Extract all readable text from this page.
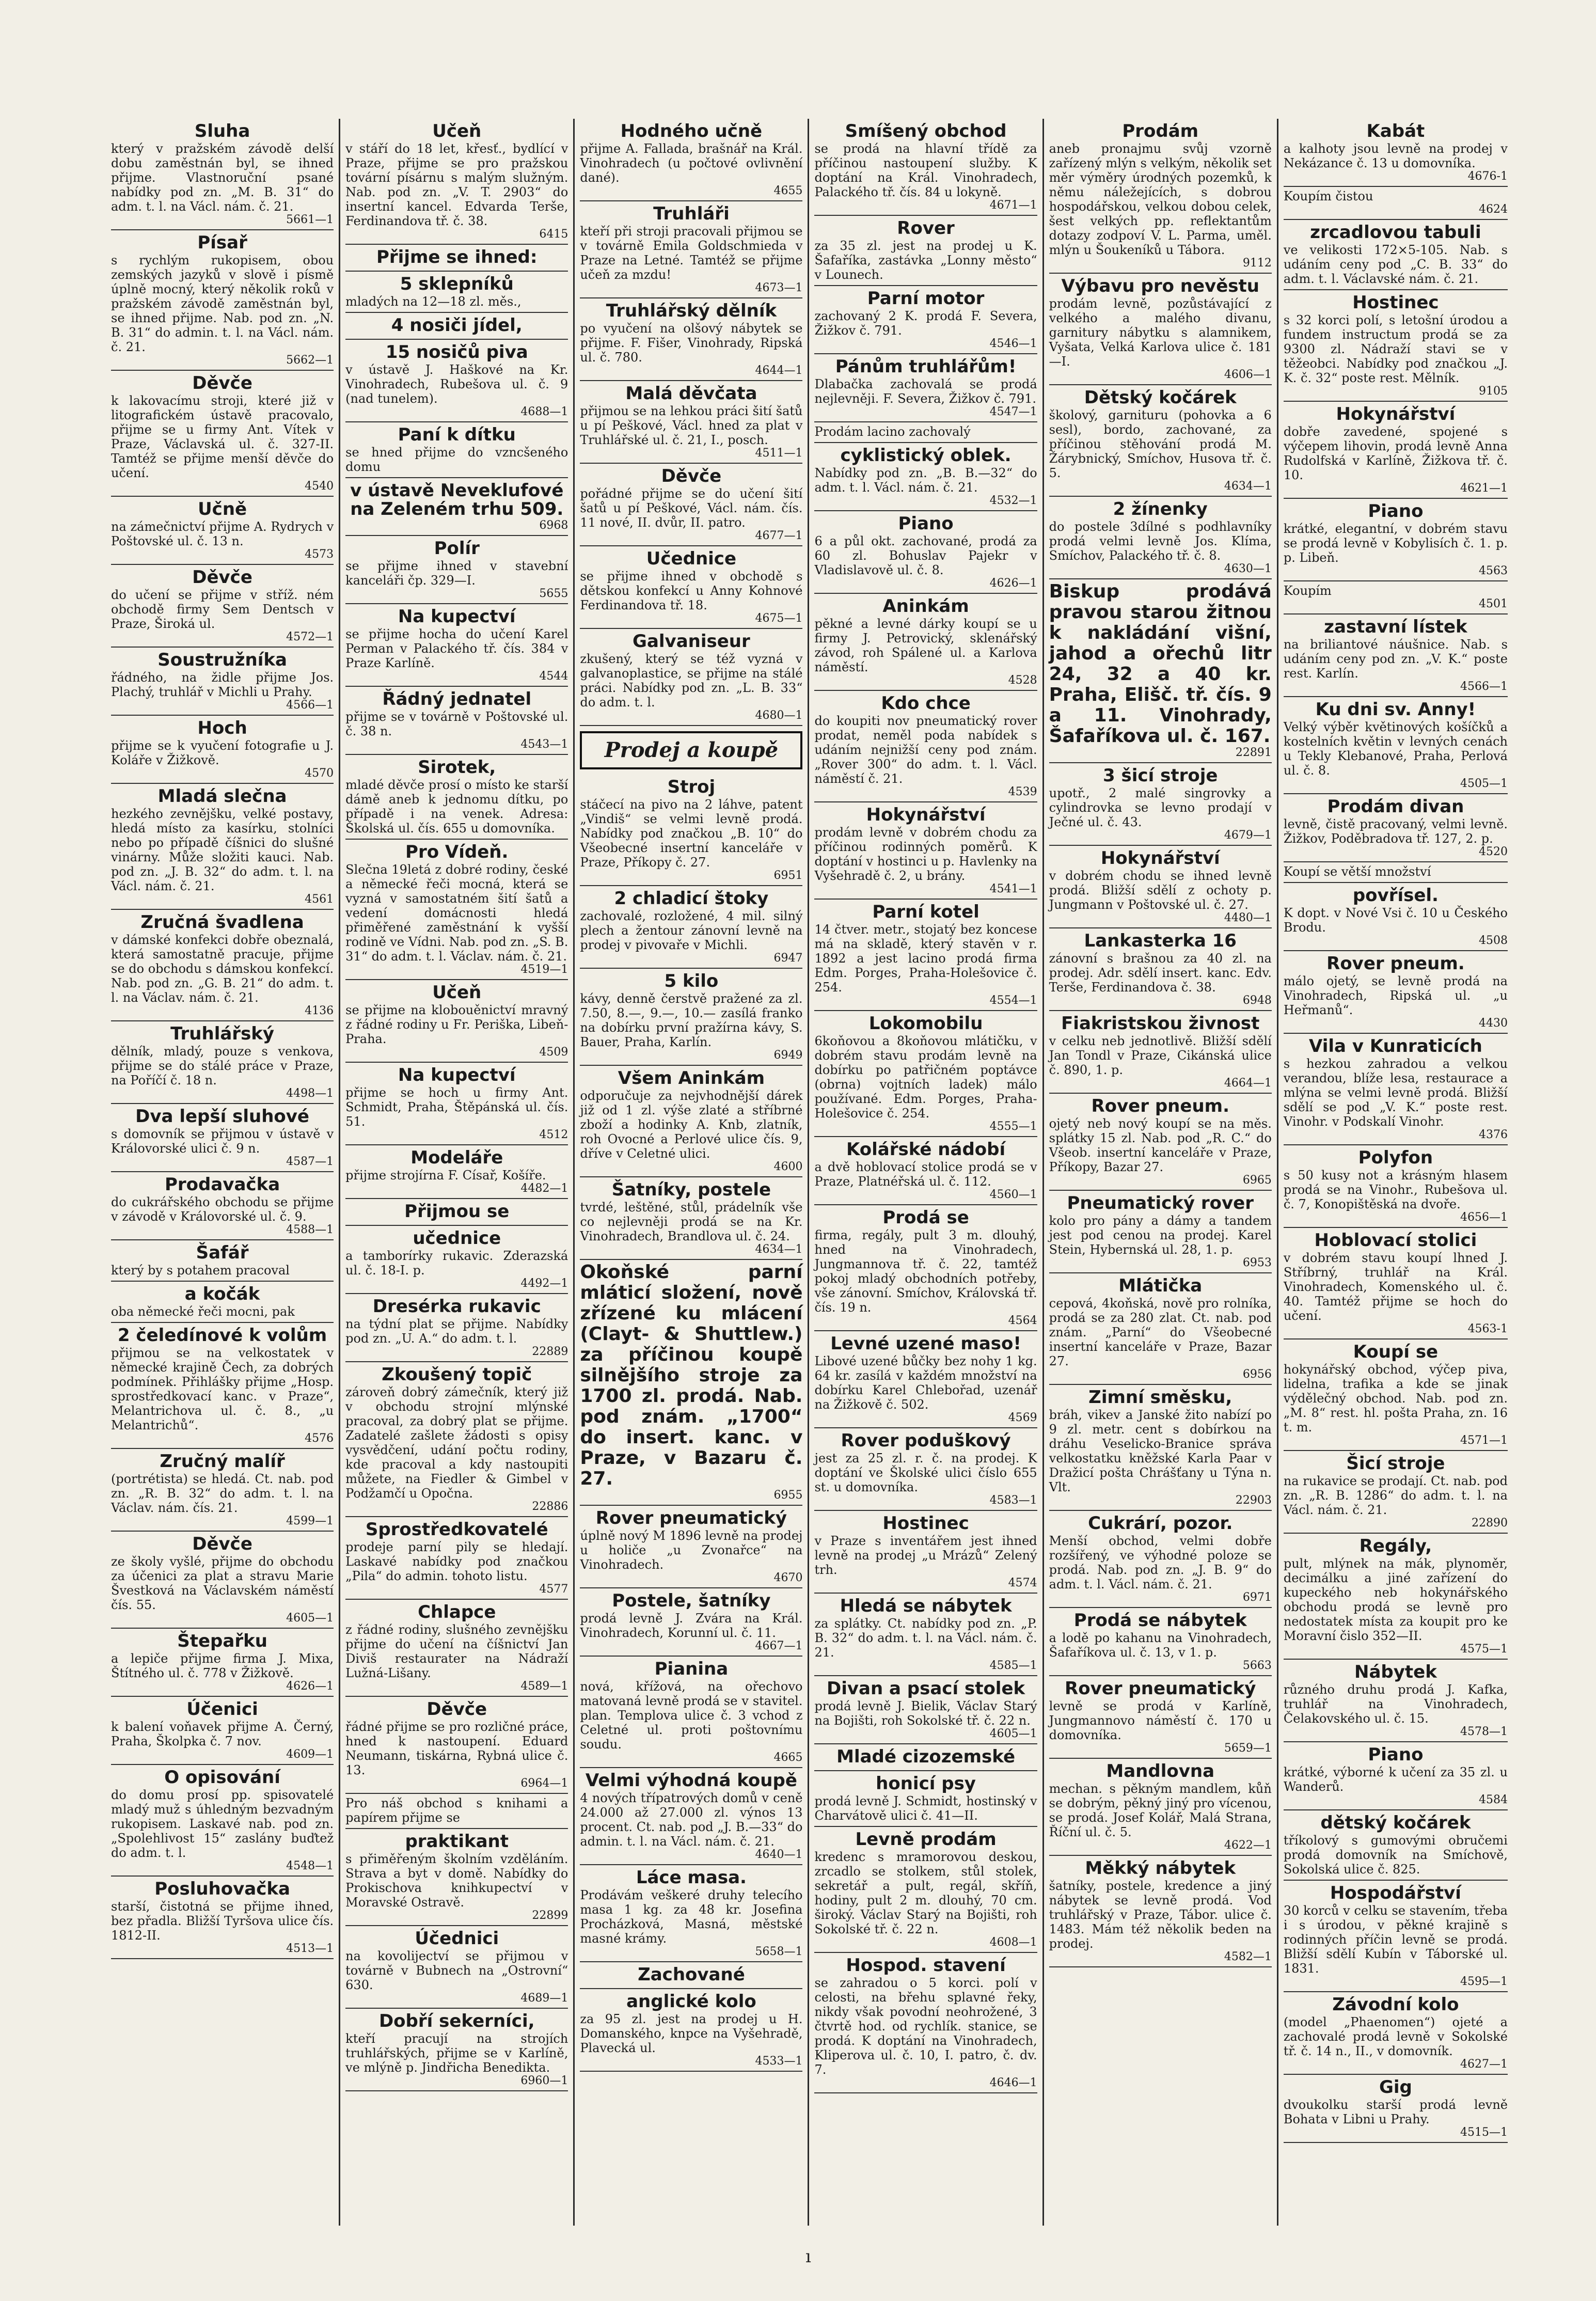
Sluha
který v pražském závodě delší dobu zaměstnán byl, se ihned přijme. Vlastnoruční psané nabídky pod zn. „M. B. 31“ do adm. t. l. na Václ. nám. č. 21.
5661—1
Písař
s rychlým rukopisem, obou zemských jazyků v slově i písmě úplně mocný, který několik roků v pražském závodě zaměstnán byl, se ihned přijme. Nab. pod zn. „N. B. 31“ do admin. t. l. na Václ. nám. č. 21.
5662—1
Děvče
k lakovacímu stroji, které již v litografickém ústavě pracovalo, přijme se u firmy Ant. Vítek v Praze, Václavská ul. č. 327-II. Tamtéž se přijme menší děvče do učení.
4540
Učně
na zámečnictví přijme A. Rydrych v Poštovské ul. č. 13 n.
4573
Děvče
do učení se přijme v stříž. ném obchodě firmy Sem Dentsch v Praze, Široká ul.
4572—1
Soustružníka
řádného, na židle přijme Jos. Plachý, truhlář v Michli u Prahy.
4566—1
Hoch
přijme se k vyučení fotografie u J. Koláře v Žižkově.
4570
Mladá slečna
hezkého zevnějšku, velké postavy, hledá místo za kasírku, stolníci nebo po případě číšnici do slušné vinárny. Může složiti kauci. Nab. pod zn. „J. B. 32“ do adm. t. l. na Václ. nám. č. 21.
4561
Zručná švadlena
v dámské konfekci dobře obeznalá, která samostatně pracuje, přijme se do obchodu s dámskou konfekcí. Nab. pod zn. „G. B. 21“ do adm. t. l. na Václav. nám. č. 21.
4136
Truhlářský
dělník, mladý, pouze s venkova, přijme se do stálé práce v Praze, na Poříčí č. 18 n.
4498—1
Dva lepší sluhové
s domovník se přijmou v ústavě v Královorské ulici č. 9 n.
4587—1
Prodavačka
do cukrářského obchodu se přijme v závodě v Královorské ul. č. 9.
4588—1
Šafář
který by s potahem pracoval
a kočák
oba německé řeči mocni, pak
2 čeledínové k volům
přijmou se na velkostatek v německé krajině Čech, za dobrých podmínek. Přihlášky přijme „Hosp. sprostředkovací kanc. v Praze“, Melantrichova ul. č. 8., „u Melantrichů“.
4576
Zručný malíř
(portrétista) se hledá. Ct. nab. pod zn. „R. B. 32“ do adm. t. l. na Václav. nám. čís. 21.
4599—1
Děvče
ze školy vyšlé, přijme do obchodu za účenici za plat a stravu Marie Švestková na Václavském náměstí čís. 55.
4605—1
Štepařku
a lepiče přijme firma J. Mixa, Štítného ul. č. 778 v Žižkově.
4626—1
Účenici
k balení voňavek přijme A. Černý, Praha, Školpka č. 7 nov.
4609—1
O opisování
do domu prosí pp. spisovatelé mladý muž s úhledným bezvadným rukopisem. Laskavé nab. pod zn. „Spolehlivost 15“ zaslány buďtež do adm. t. l.
4548—1
Posluhovačka
starší, čistotná se přijme ihned, bez přadla. Bližší Tyršova ulice čís. 1812-II.
4513—1
Učeň
v stáří do 18 let, křesť., bydlící v Praze, přijme se pro pražskou tovární písárnu s malým služným. Nab. pod zn. „V. T. 2903“ do insertní kancel. Edvarda Terše, Ferdinandova tř. č. 38.
6415
Přijme se ihned:
5 sklepníků
mladých na 12—18 zl. měs.,
4 nosiči jídel,
15 nosičů piva
v ústavě J. Haškové na Kr. Vinohradech, Rubešova ul. č. 9 (nad tunelem).
4688—1
Paní k dítku
se hned přijme do vzncšeného domu
v ústavě Neveklufové na Zeleném trhu 509.
6968
Polír
se přijme ihned v stavební kanceláři čp. 329—I.
5655
Na kupectví
se přijme hocha do učení Karel Perman v Palackého tř. čís. 384 v Praze Karlíně.
4544
Řádný jednatel
přijme se v továrně v Poštovské ul. č. 38 n.
4543—1
Sirotek,
mladé děvče prosí o místo ke starší dámě aneb k jednomu dítku, po případě i na venek. Adresa: Školská ul. čís. 655 u domovníka.
Pro Vídeň.
Slečna 19letá z dobré rodiny, české a německé řeči mocná, která se vyzná v samostatném šití šatů a vedení domácnosti hledá přiměřené zaměstnání k vyšší rodině ve Vídni. Nab. pod zn. „S. B. 31“ do adm. t. l. Václav. nám. č. 21.
4519—1
Učeň
se přijme na klobouěnictví mravný z řádné rodiny u Fr. Periška, Libeň-Praha.
4509
Na kupectví
přijme se hoch u firmy Ant. Schmidt, Praha, Štěpánská ul. čís. 51.
4512
Modeláře
přijme strojírna F. Císař, Košíře.
4482—1
Přijmou se
učednice
a tamborírky rukavic. Zderazská ul. č. 18-I. p.
4492—1
Dresérka rukavic
na týdní plat se přijme. Nabídky pod zn. „U. A.“ do adm. t. l.
22889
Zkoušený topič
zároveň dobrý zámečník, který již v obchodu strojní mlýnské pracoval, za dobrý plat se přijme. Zadatelé zašlete žádosti s opisy vysvědčení, udání počtu rodiny, kde pracoval a kdy nastoupiti můžete, na Fiedler & Gimbel v Podžamčí u Opočna.
22886
Sprostředkovatelé
prodeje parní pily se hledají. Laskavé nabídky pod značkou „Pila“ do admin. tohoto listu.
4577
Chlapce
z řádné rodiny, slušného zevnějšku přijme do učení na číšnictví Jan Diviš restaurater na Nádraží Lužná-Lišany.
4589—1
Děvče
řádné přijme se pro rozličné práce, hned k nastoupení. Eduard Neumann, tiskárna, Rybná ulice č. 13.
6964—1
Pro náš obchod s knihami a papírem přijme se
praktikant
s přiměřeným školním vzděláním. Strava a byt v domě. Nabídky do Prokischova knihkupectví v Moravské Ostravě.
22899
Účednici
na kovolijectví se přijmou v továrně v Bubnech na „Ostrovní“ 630.
4689—1
Dobří sekerníci,
kteří pracují na strojích truhlářských, přijme se v Karlíně, ve mlýně p. Jindřicha Benedikta.
6960—1
Hodného učně
přijme A. Fallada, brašnář na Král. Vinohradech (u počtové ovlivnění dané).
4655
Truhláři
kteří při stroji pracovali přijmou se v továrně Emila Goldschmieda v Praze na Letné. Tamtéž se přijme učeň za mzdu!
4673—1
Truhlářský dělník
po vyučení na olšový nábytek se přijme. F. Fišer, Vinohrady, Ripská ul. č. 780.
4644—1
Malá děvčata
přijmou se na lehkou práci šití šatů u pí Peškové, Václ. hned za plat v Truhlářské ul. č. 21, I., posch.
4511—1
Děvče
pořádné přijme se do učení šití šatů u pí Peškové, Václ. nám. čís. 11 nové, II. dvůr, II. patro.
4677—1
Učednice
se přijme ihned v obchodě s dětskou konfekcí u Anny Kohnové Ferdinandova tř. 18.
4675—1
Galvaniseur
zkušený, který se též vyzná v galvanoplastice, se přijme na stálé práci. Nabídky pod zn. „L. B. 33“ do adm. t. l.
4680—1
Prodej a koupě
Stroj
stáčecí na pivo na 2 láhve, patent „Vindiš“ se velmi levně prodá. Nabídky pod značkou „B. 10“ do Všeobecné insertní kanceláře v Praze, Příkopy č. 27.
6951
2 chladicí štoky
zachovalé, rozložené, 4 mil. silný plech a žentour zánovní levně na prodej v pivovaře v Michli.
6947
5 kilo
kávy, denně čerstvě pražené za zl. 7.50, 8.—, 9.—, 10.— zasílá franko na dobírku první pražírna kávy, S. Bauer, Praha, Karlín.
6949
Všem Aninkám
odporučuje za nejvhodnější dárek již od 1 zl. výše zlaté a stříbrné zboží a hodinky A. Knb, zlatník, roh Ovocné a Perlové ulice čís. 9, dříve v Celetné ulici.
4600
Šatníky, postele
tvrdé, leštěné, stůl, prádelník vše co nejlevněji prodá se na Kr. Vinohradech, Brandlova ul. č. 24.
4634—1
Okoňské parní mláticí složení, nově zřízené ku mlácení (Clayt- & Shuttlew.) za příčinou koupě silnějšího stroje za 1700 zl. prodá. Nab. pod znám. „1700“ do insert. kanc. v Praze, v Bazaru č. 27.
6955
Rover pneumatický
úplně nový M 1896 levně na prodej u holiče „u Zvonařce“ na Vinohradech.
4670
Postele, šatníky
prodá levně J. Zvára na Král. Vinohradech, Korunní ul. č. 11.
4667—1
Pianina
nová, křížová, na ořechovo matovaná levně prodá se v stavitel. plan. Templova ulice č. 3 vchod z Celetné ul. proti poštovnímu soudu.
4665
Velmi výhodná koupě
4 nových třípatrových domů v ceně 24.000 až 27.000 zl. výnos 13 procent. Ct. nab. pod „J. B.—33“ do admin. t. l. na Václ. nám. č. 21.
4640—1
Láce masa.
Prodávám veškeré druhy telecího masa 1 kg. za 48 kr. Josefina Procházková, Masná, městské masné krámy.
5658—1
Zachované
anglické kolo
za 95 zl. jest na prodej u H. Domanského, knpce na Vyšehradě, Plavecká ul.
4533—1
Smíšený obchod
se prodá na hlavní třídě za příčinou nastoupení služby. K doptání na Král. Vinohradech, Palackého tř. čís. 84 u lokyně.
4671—1
Rover
za 35 zl. jest na prodej u K. Šafaříka, zastávka „Lonny město“ v Lounech.
Parní motor
zachovaný 2 K. prodá F. Severa, Žižkov č. 791.
4546—1
Pánům truhlářům!
Dlabačka zachovalá se prodá nejlevněji. F. Severa, Žižkov č. 791.
4547—1
Prodám lacino zachovalý
cyklistický oblek.
Nabídky pod zn. „B. B.—32“ do adm. t. l. Václ. nám. č. 21.
4532—1
Piano
6 a půl okt. zachované, prodá za 60 zl. Bohuslav Pajekr v Vladislavově ul. č. 8.
4626—1
Aninkám
pěkné a levné dárky koupí se u firmy J. Petrovický, sklenářský závod, roh Spálené ul. a Karlova náměstí.
4528
Kdo chce
do koupiti nov pneumatický rover prodat, neměl poda nabídek s udáním nejnižší ceny pod znám. „Rover 300“ do adm. t. l. Václ. náměstí č. 21.
4539
Hokynářství
prodám levně v dobrém chodu za příčinou rodinných poměrů. K doptání v hostinci u p. Havlenky na Vyšehradě č. 2, u brány.
4541—1
Parní kotel
14 čtver. metr., stojatý bez koncese má na skladě, který stavěn v r. 1892 a jest lacino prodá firma Edm. Porges, Praha-Holešovice č. 254.
4554—1
Lokomobilu
6koňovou a 8koňovou mlátičku, v dobrém stavu prodám levně na dobírku po patřičném poptávce (obrna) vojtních ladek) málo používané. Edm. Porges, Praha-Holešovice č. 254.
4555—1
Kolářské nádobí
a dvě hoblovací stolice prodá se v Praze, Platnéřská ul. č. 112.
4560—1
Prodá se
firma, regály, pult 3 m. dlouhý, hned na Vinohradech, Jungmannova tř. č. 22, tamtéž pokoj mladý obchodních potřeby, vše zánovní. Smíchov, Královská tř. čís. 19 n.
4564
Levné uzené maso!
Libové uzené bůčky bez nohy 1 kg. 64 kr. zasílá v každém množství na dobírku Karel Chlebořad, uzenář na Žižkově č. 502.
4569
Rover poduškový
jest za 25 zl. r. č. na prodej. K doptání ve Školské ulici číslo 655 st. u domovníka.
4583—1
Hostinec
v Praze s inventářem jest ihned levně na prodej „u Mrázů“ Zelený trh.
4574
Hledá se nábytek
za splátky. Ct. nabídky pod zn. „P. B. 32“ do adm. t. l. na Václ. nám. č. 21.
4585—1
Divan a psací stolek
prodá levně J. Bielik, Václav Starý na Bojišti, roh Sokolské tř. č. 22 n.
4605—1
Mladé cizozemské
honicí psy
prodá levně J. Schmidt, hostinský v Charvátově ulici č. 41—II.
Levně prodám
kredenc s mramorovou deskou, zrcadlo se stolkem, stůl stolek, sekretář a pult, regál, skříň, hodiny, pult 2 m. dlouhý, 70 cm. široký. Václav Starý na Bojišti, roh Sokolské tř. č. 22 n.
4608—1
Hospod. stavení
se zahradou o 5 korci. polí v celosti, na břehu splavné řeky, nikdy však povodní neohrožené, 3 čtvrtě hod. od rychlík. stanice, se prodá. K doptání na Vinohradech, Kliperova ul. č. 10, I. patro, č. dv. 7.
4646—1
Prodám
aneb pronajmu svůj vzorně zařízený mlýn s velkým, několik set měr výměry úrodných pozemků, k němu náležejících, s dobrou hospodářskou, velkou dobou celek, šest velkých pp. reflektantům dotazy zodpoví V. L. Parma, uměl. mlýn u Šoukeníků u Tábora.
9112
Výbavu pro nevěstu
prodám levně, pozůstávající z velkého a malého divanu, garnitury nábytku s alamnikem, Vyšata, Velká Karlova ulice č. 181—I.
4606—1
Dětský kočárek
školový, garnituru (pohovka a 6 sesl), bordo, zachované, za příčinou stěhování prodá M. Žárybnický, Smíchov, Husova tř. č. 5.
4634—1
2 žínenky
do postele 3dílné s podhlavníky prodá velmi levně Jos. Klíma, Smíchov, Palackého tř. č. 8.
4630—1
Biskup prodává pravou starou žitnou k nakládání višní, jahod a ořechů litr 24, 32 a 40 kr. Praha, Elišč. tř. čís. 9 a 11. Vinohrady, Šafaříkova ul. č. 167.
22891
3 šicí stroje
upotř., 2 malé singrovky a cylindrovka se levno prodají v Ječné ul. č. 43.
4679—1
Hokynářství
v dobrém chodu se ihned levně prodá. Bližší sdělí z ochoty p. Jungmann v Poštovské ul. č. 27.
4480—1
Lankasterka 16
zánovní s brašnou za 40 zl. na prodej. Adr. sdělí insert. kanc. Edv. Terše, Ferdinandova č. 38.
6948
Fiakristskou živnost
v celku neb jednotlivě. Bližší sdělí Jan Tondl v Praze, Cikánská ulice č. 890, 1. p.
4664—1
Rover pneum.
ojetý neb nový koupí se na měs. splátky 15 zl. Nab. pod „R. C.“ do Všeob. insertní kanceláře v Praze, Příkopy, Bazar 27.
6965
Pneumatický rover
kolo pro pány a dámy a tandem jest pod cenou na prodej. Karel Stein, Hybernská ul. 28, 1. p.
6953
Mlátička
cepová, 4koňská, nově pro rolníka, prodá se za 280 zlat. Ct. nab. pod znám. „Parní“ do Všeobecné insertní kanceláře v Praze, Bazar 27.
6956
Zimní směsku,
bráh, vikev a Janské žito nabízí po 9 zl. metr. cent s dobírkou na dráhu Veselicko-Branice správa velkostatku kněžské Karla Paar v Dražicí pošta Chrášťany u Týna n. Vlt.
22903
Cukrárí, pozor.
Menší obchod, velmi dobře rozšířený, ve výhodné poloze se prodá. Nab. pod zn. „J. B. 9“ do adm. t. l. Václ. nám. č. 21.
6971
Prodá se nábytek
a lodě po kahanu na Vinohradech, Šafaříkova ul. č. 13, v 1. p.
5663
Rover pneumatický
levně se prodá v Karlíně, Jungmannovo náměstí č. 170 u domovníka.
5659—1
Mandlovna
mechan. s pěkným mandlem, kůň se dobrým, pěkný jiný pro vícenou, se prodá. Josef Kolář, Malá Strana, Říční ul. č. 5.
4622—1
Měkký nábytek
šatníky, postele, kredence a jiný nábytek se levně prodá. Vod truhlářský v Praze, Tábor. ulice č. 1483. Mám též několik beden na prodej.
4582—1
Kabát
a kalhoty jsou levně na prodej v Nekázance č. 13 u domovníka.
4676-1
Koupím čistou
4624
zrcadlovou tabuli
ve velikosti 172×5-105. Nab. s udáním ceny pod „C. B. 33“ do adm. t. l. Václavské nám. č. 21.
Hostinec
s 32 korci polí, s letošní úrodou a fundem instructum prodá se za 9300 zl. Nádraží stavi se v těžeobci. Nabídky pod značkou „J. K. č. 32“ poste rest. Mělník.
9105
Hokynářství
dobře zavedené, spojené s výčepem lihovin, prodá levně Anna Rudolfská v Karlíně, Žižkova tř. č. 10.
4621—1
Piano
krátké, elegantní, v dobrém stavu se prodá levně v Kobylisích č. 1. p. p. Libeň.
4563
Koupím
4501
zastavní lístek
na briliantové náušnice. Nab. s udáním ceny pod zn. „V. K.“ poste rest. Karlín.
4566—1
Ku dni sv. Anny!
Velký výběr květinových košíčků a kostelních květin v levných cenách u Tekly Klebanové, Praha, Perlová ul. č. 8.
4505—1
Prodám divan
levně, čistě pracovaný, velmi levně. Žižkov, Poděbradova tř. 127, 2. p.
4520
Koupí se větší množství
povřísel.
K dopt. v Nové Vsi č. 10 u Českého Brodu.
4508
Rover pneum.
málo ojetý, se levně prodá na Vinohradech, Ripská ul. „u Heřmanů“.
4430
Vila v Kunraticích
s hezkou zahradou a velkou verandou, blíže lesa, restaurace a mlýna se velmi levně prodá. Bližší sdělí se pod „V. K.“ poste rest. Vinohr. v Podskalí Vinohr.
4376
Polyfon
s 50 kusy not a krásným hlasem prodá se na Vinohr., Rubešova ul. č. 7, Konopištěská na dvoře.
4656—1
Hoblovací stolici
v dobrém stavu koupí lhned J. Stříbrný, truhlář na Král. Vinohradech, Komenského ul. č. 40. Tamtéž přijme se hoch do učení.
4563-1
Koupí se
hokynářský obchod, výčep piva, lidelna, trafika a kde se jinak výdělečný obchod. Nab. pod zn. „M. 8“ rest. hl. pošta Praha, zn. 16 t. m.
4571—1
Šicí stroje
na rukavice se prodají. Ct. nab. pod zn. „R. B. 1286“ do adm. t. l. na Václ. nám. č. 21.
22890
Regály,
pult, mlýnek na mák, plynoměr, decimálku a jiné zařízení do kupeckého neb hokynářského obchodu prodá se levně pro nedostatek místa za koupit pro ke Moravní čislo 352—II.
4575—1
Nábytek
různého druhu prodá J. Kafka, truhlář na Vinohradech, Čelakovského ul. č. 15.
4578—1
Piano
krátké, výborné k učení za 35 zl. u Wanderů.
4584
dětský kočárek
tříkolový s gumovými obručemi prodá domovník na Smíchově, Sokolská ulice č. 825.
Hospodářství
30 korců v celku se stavením, třeba i s úrodou, v pěkné krajině s rodinných příčin levně se prodá. Bližší sdělí Kubín v Táborské ul. 1831.
4595—1
Závodní kolo
(model „Phaenomen“) ojeté a zachovalé prodá levně v Sokolské tř. č. 14 n., II., v domovník.
4627—1
Gig
dvoukolku starší prodá levně Bohata v Libni u Prahy.
4515—1
ı
